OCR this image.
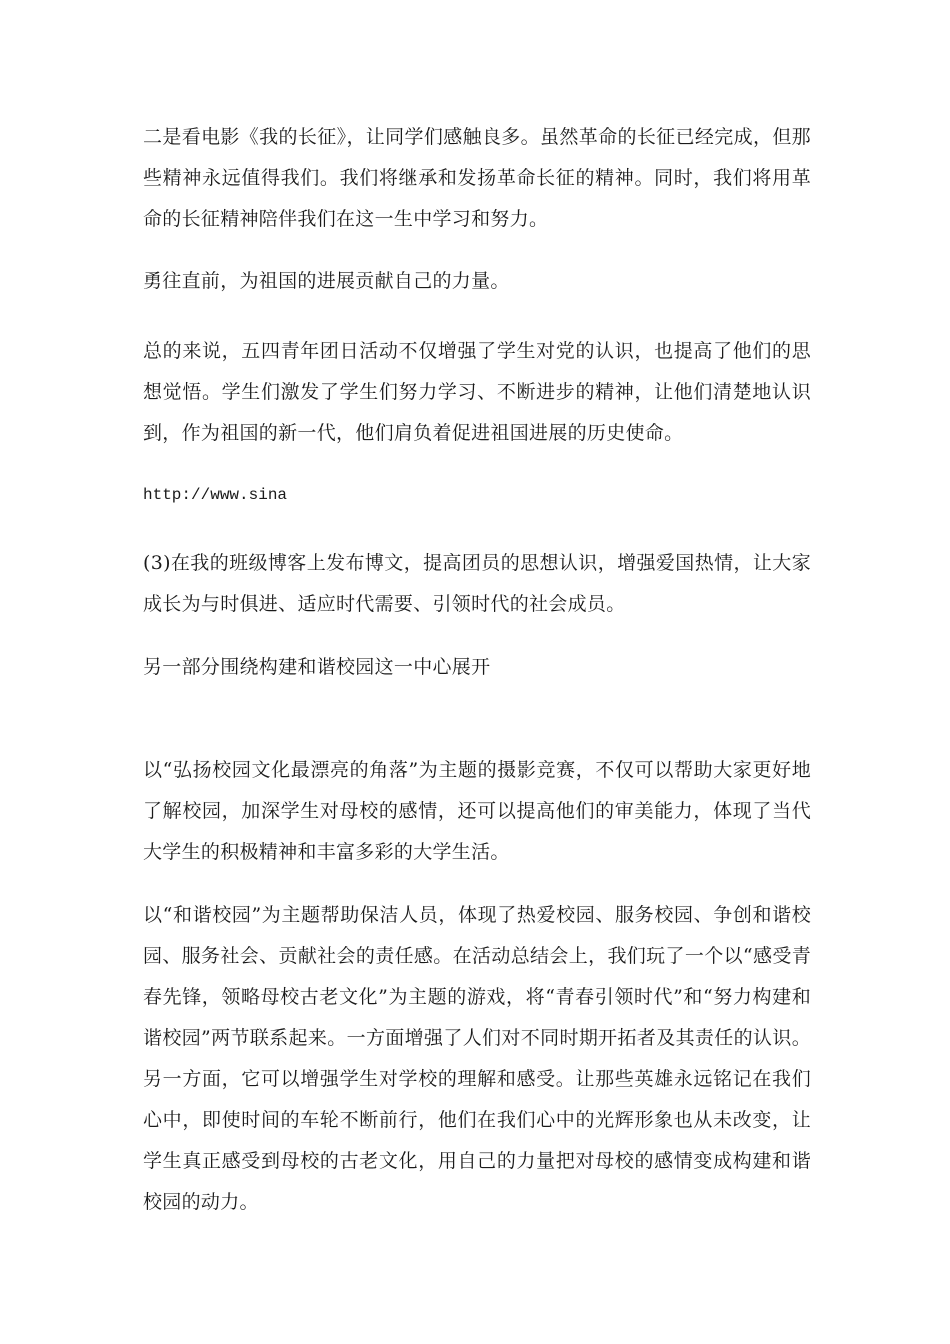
二是看电影《我的长征》，让同学们感触良多。虽然革命的长征已经完成，但那些精神永远值得我们。我们将继承和发扬革命长征的精神。同时，我们将用革命的长征精神陪伴我们在这一生中学习和努力。

勇往直前，为祖国的进展贡献自己的力量。

总的来说，五四青年团日活动不仅增强了学生对党的认识，也提高了他们的思想觉悟。学生们激发了学生们努力学习、不断进步的精神，让他们清楚地认识到，作为祖国的新一代，他们肩负着促进祖国进展的历史使命。

http://www.sina

(3)在我的班级博客上发布博文，提高团员的思想认识，增强爱国热情，让大家成长为与时俱进、适应时代需要、引领时代的社会成员。

另一部分围绕构建和谐校园这一中心展开

以“弘扬校园文化最漂亮的角落”为主题的摄影竞赛，不仅可以帮助大家更好地了解校园，加深学生对母校的感情，还可以提高他们的审美能力，体现了当代大学生的积极精神和丰富多彩的大学生活。

以“和谐校园”为主题帮助保洁人员，体现了热爱校园、服务校园、争创和谐校园、服务社会、贡献社会的责任感。在活动总结会上，我们玩了一个以“感受青春先锋，领略母校古老文化”为主题的游戏，将“青春引领时代”和“努力构建和谐校园”两节联系起来。一方面增强了人们对不同时期开拓者及其责任的认识。另一方面，它可以增强学生对学校的理解和感受。让那些英雄永远铭记在我们心中，即使时间的车轮不断前行，他们在我们心中的光辉形象也从未改变，让学生真正感受到母校的古老文化，用自己的力量把对母校的感情变成构建和谐校园的动力。
